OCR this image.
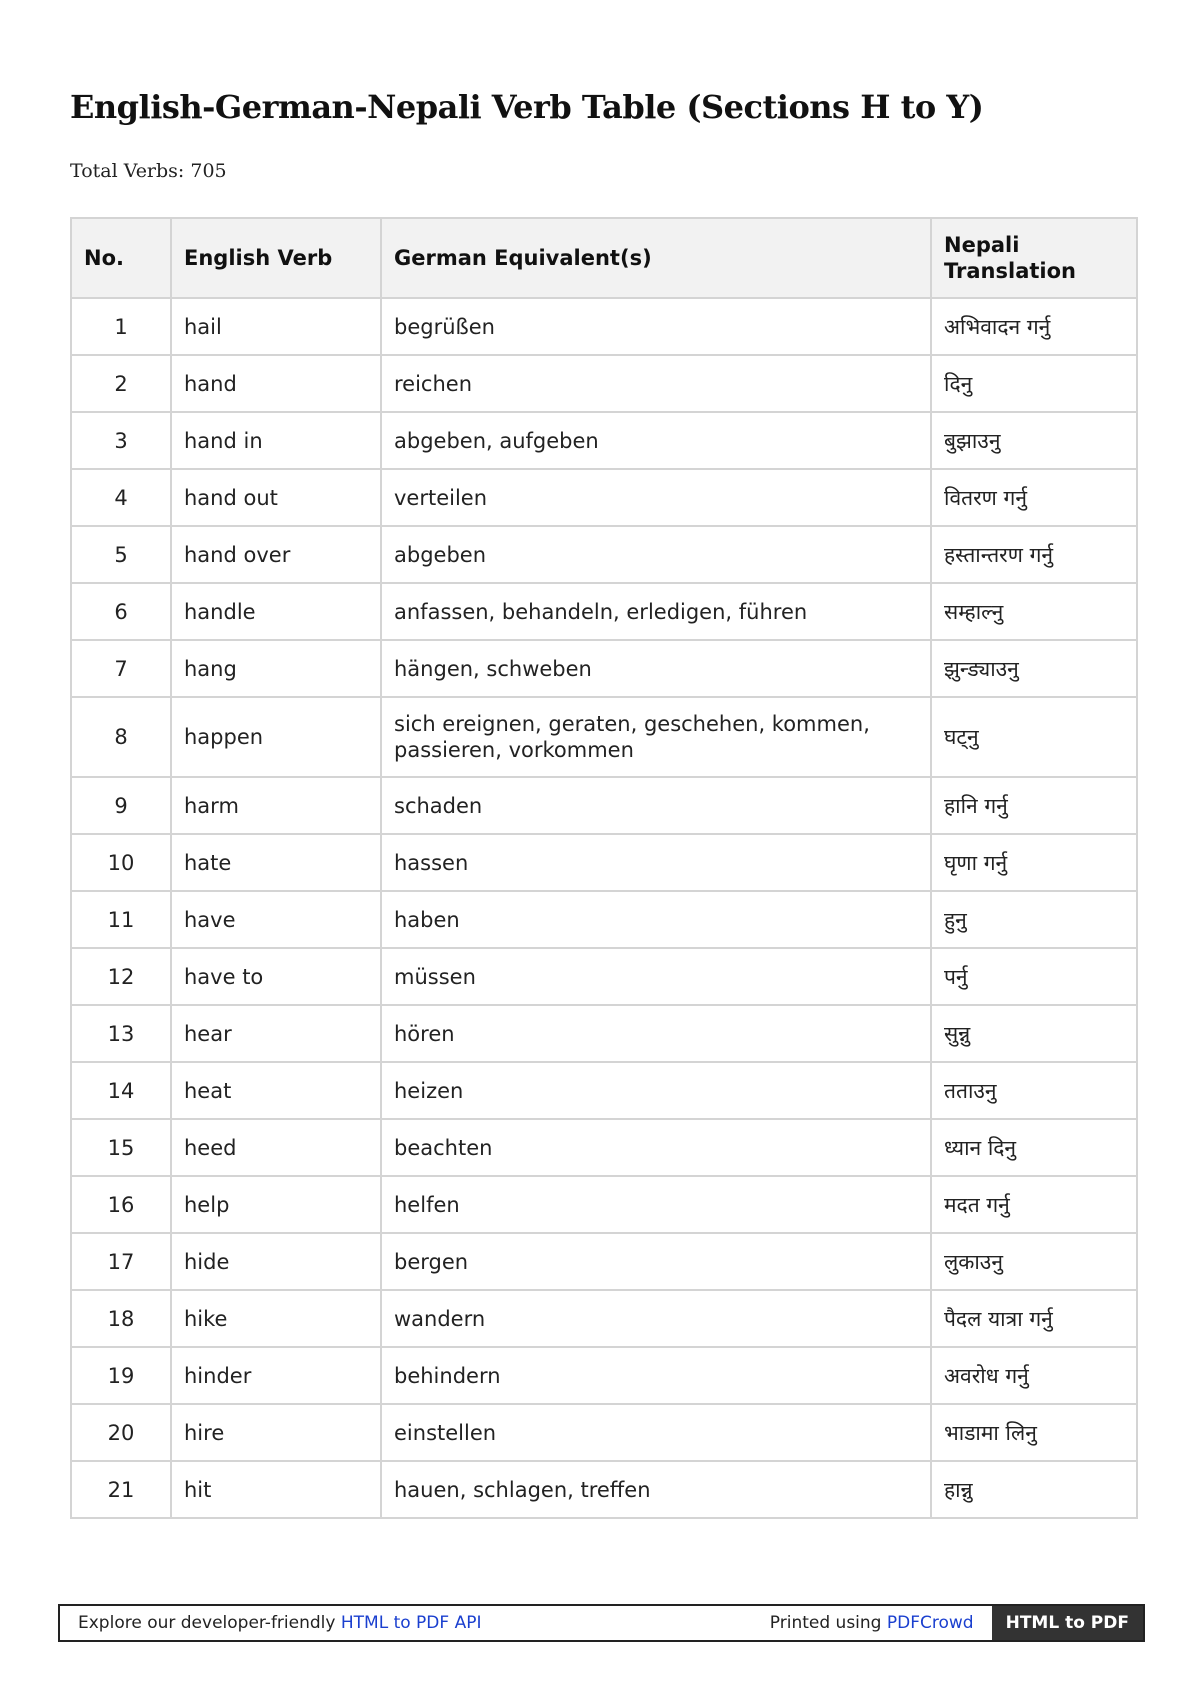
English-German-Nepali Verb Table (Sections H to Y)

Total Verbs: 705

No.	English Verb	German Equivalent(s)	Nepali Translation
1	hail	begrüßen	अभिवादन गर्नु
2	hand	reichen	दिनु
3	hand in	abgeben, aufgeben	बुझाउनु
4	hand out	verteilen	वितरण गर्नु
5	hand over	abgeben	हस्तान्तरण गर्नु
6	handle	anfassen, behandeln, erledigen, führen	सम्हाल्नु
7	hang	hängen, schweben	झुन्ड्याउनु
8	happen	sich ereignen, geraten, geschehen, kommen, passieren, vorkommen	घट्नु
9	harm	schaden	हानि गर्नु
10	hate	hassen	घृणा गर्नु
11	have	haben	हुनु
12	have to	müssen	पर्नु
13	hear	hören	सुन्नु
14	heat	heizen	तताउनु
15	heed	beachten	ध्यान दिनु
16	help	helfen	मदत गर्नु
17	hide	bergen	लुकाउनु
18	hike	wandern	पैदल यात्रा गर्नु
19	hinder	behindern	अवरोध गर्नु
20	hire	einstellen	भाडामा लिनु
21	hit	hauen, schlagen, treffen	हान्नु
Explore our developer-friendly HTML to PDF API	Printed using PDFCrowd	HTML to PDF
